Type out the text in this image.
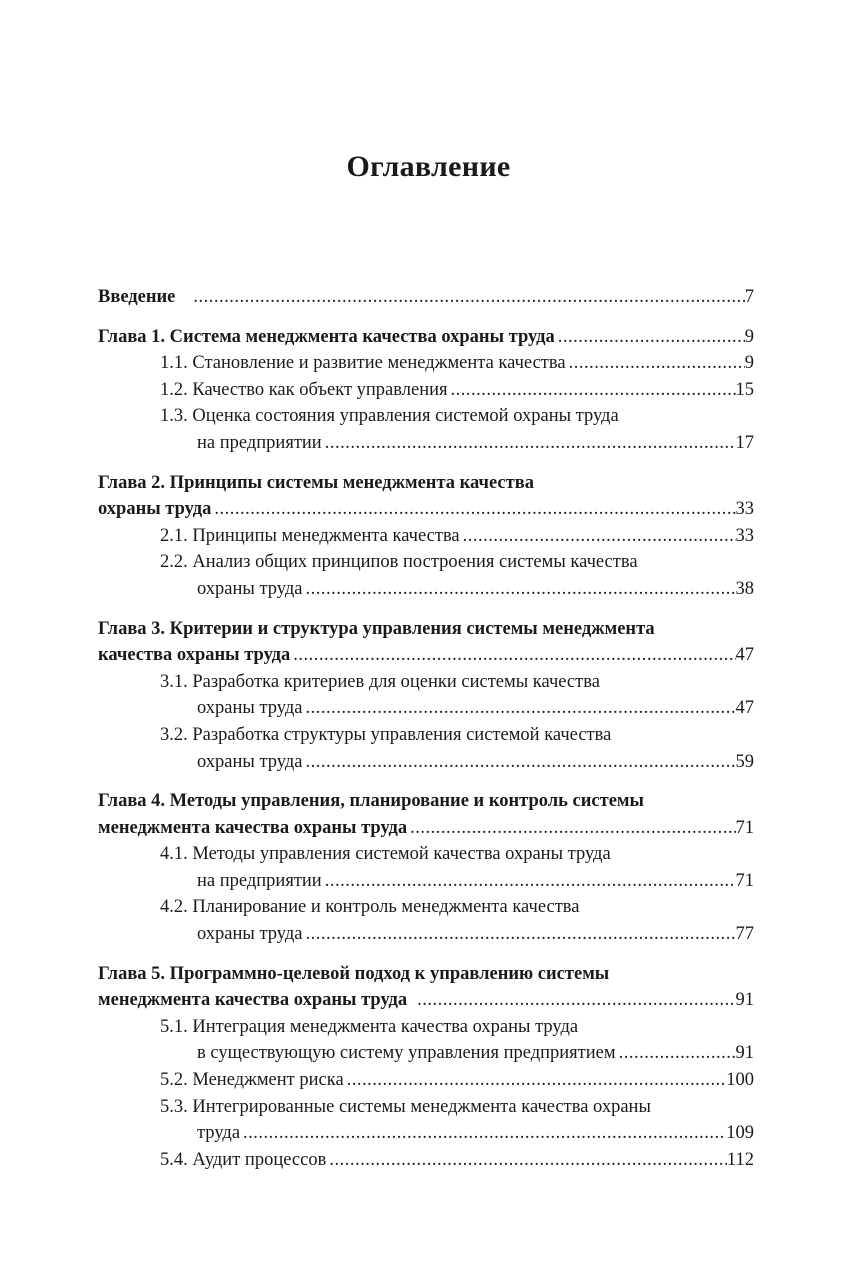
Оглавление
Введение .....	7
Глава 1. Система менеджмента качества охраны труда .....	9
1.1. Становление и развитие менеджмента качества .....	9
1.2. Качество как объект управления .....	15
1.3. Оценка состояния управления системой охраны труда
на предприятии .....	17
Глава 2. Принципы системы менеджмента качества
охраны труда .....	33
2.1. Принципы менеджмента качества .....	33
2.2. Анализ общих принципов построения системы качества
охраны труда .....	38
Глава 3. Критерии и структура управления системы менеджмента
качества охраны труда .....	47
3.1. Разработка критериев для оценки системы качества
охраны труда .....	47
3.2. Разработка структуры управления системой качества
охраны труда .....	59
Глава 4. Методы управления, планирование и контроль системы
менеджмента качества охраны труда .....	71
4.1. Методы управления системой качества охраны труда
на предприятии .....	71
4.2. Планирование и контроль менеджмента качества
охраны труда .....	77
Глава 5. Программно-целевой подход к управлению системы
менеджмента качества охраны труда .....	91
5.1. Интеграция менеджмента качества охраны труда
в существующую систему управления предприятием .....	91
5.2. Менеджмент риска .....	100
5.3. Интегрированные системы менеджмента качества охраны
труда .....	109
5.4. Аудит процессов .....	112
